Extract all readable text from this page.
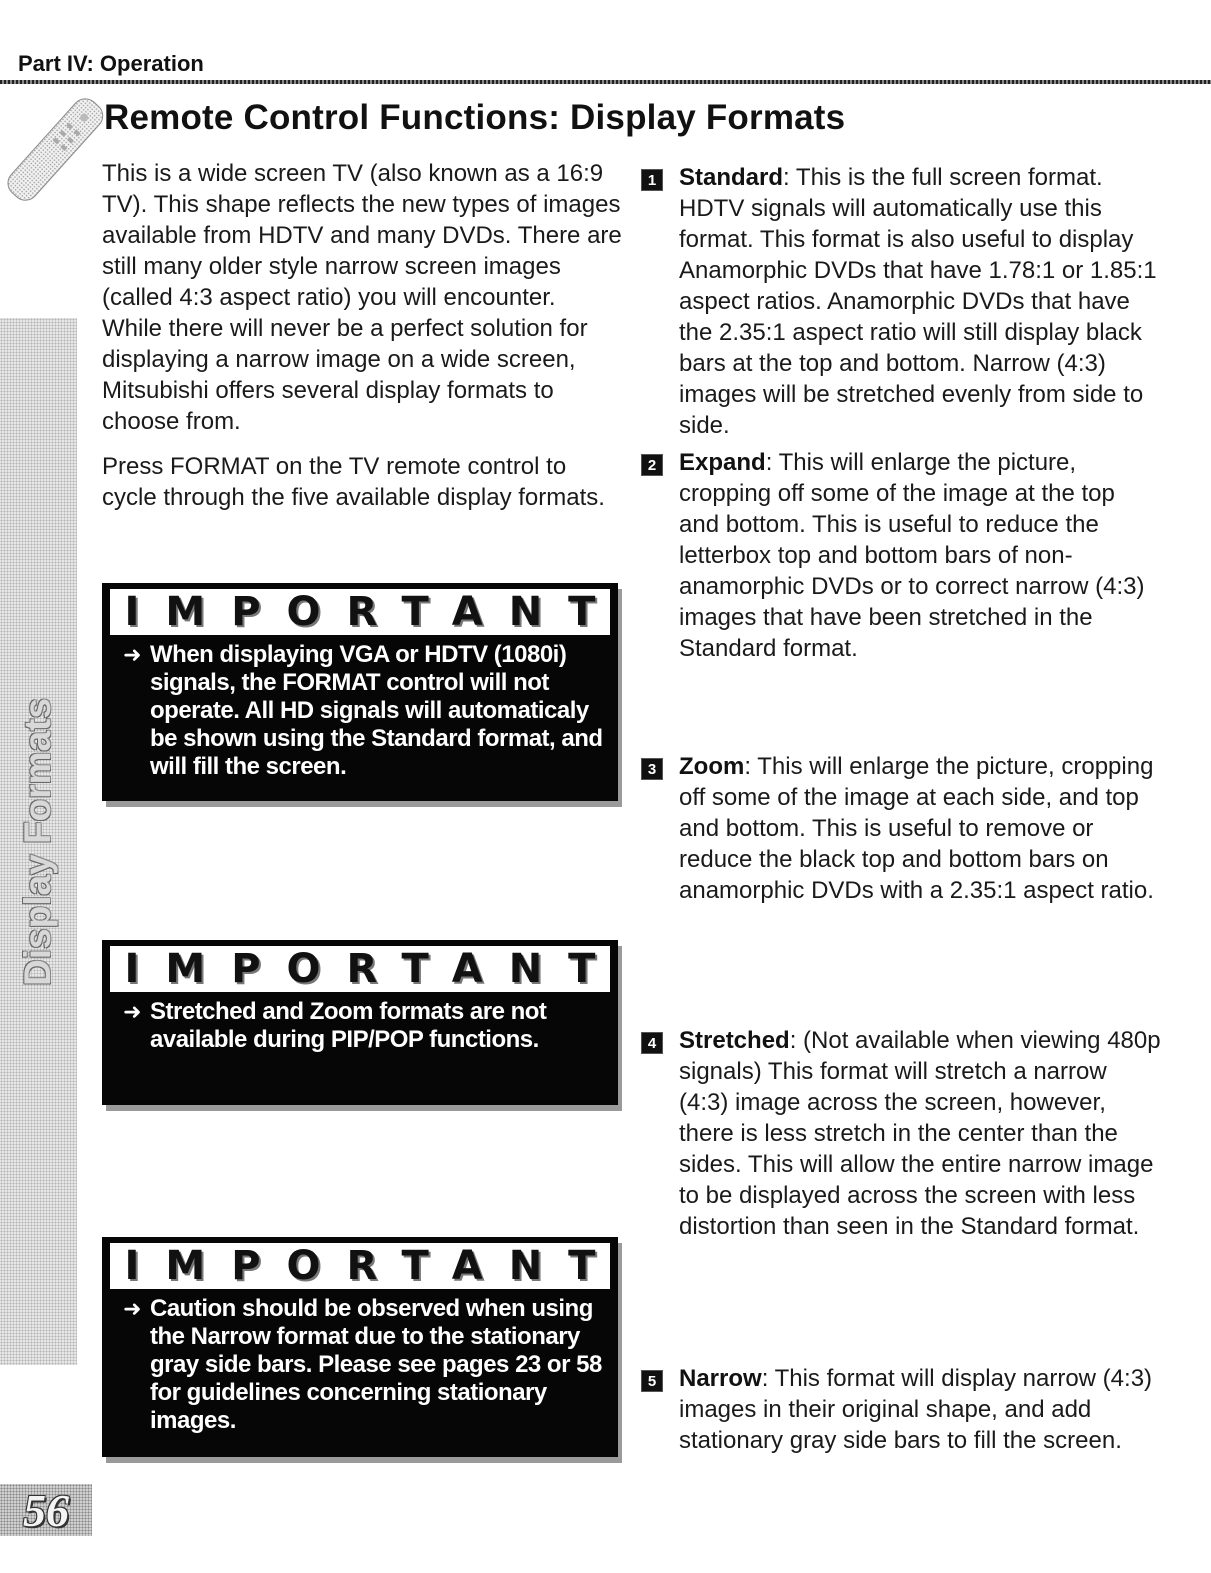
Part IV: Operation
Remote Control Functions: Display Formats
Display Formats

This is a wide screen TV (also known as a 16:9 TV). This shape reflects the new types of images available from HDTV and many DVDs. There are still many older style narrow screen images (called 4:3 aspect ratio) you will encounter. While there will never be a perfect solution for displaying a narrow image on a wide screen, Mitsubishi offers several display formats to choose from.

Press FORMAT on the TV remote control to cycle through the five available display formats.

IMPORTANT
➜ When displaying VGA or HDTV (1080i) signals, the FORMAT control will not operate. All HD signals will automaticaly be shown using the Standard format, and will fill the screen.
IMPORTANT
➜ Stretched and Zoom formats are not available during PIP/POP functions.
IMPORTANT
➜ Caution should be observed when using the Narrow format due to the stationary gray side bars. Please see pages 23 or 58 for guidelines concerning stationary images.
1 Standard: This is the full screen format. HDTV signals will automatically use this format. This format is also useful to display Anamorphic DVDs that have 1.78:1 or 1.85:1 aspect ratios. Anamorphic DVDs that have the 2.35:1 aspect ratio will still display black bars at the top and bottom. Narrow (4:3) images will be stretched evenly from side to side.
2 Expand: This will enlarge the picture, cropping off some of the image at the top and bottom. This is useful to reduce the letterbox top and bottom bars of non-anamorphic DVDs or to correct narrow (4:3) images that have been stretched in the Standard format.
3 Zoom: This will enlarge the picture, cropping off some of the image at each side, and top and bottom. This is useful to remove or reduce the black top and bottom bars on anamorphic DVDs with a 2.35:1 aspect ratio.
4 Stretched: (Not available when viewing 480p signals) This format will stretch a narrow (4:3) image across the screen, however, there is less stretch in the center than the sides. This will allow the entire narrow image to be displayed across the screen with less distortion than seen in the Standard format.
5 Narrow: This format will display narrow (4:3) images in their original shape, and add stationary gray side bars to fill the screen.
56
